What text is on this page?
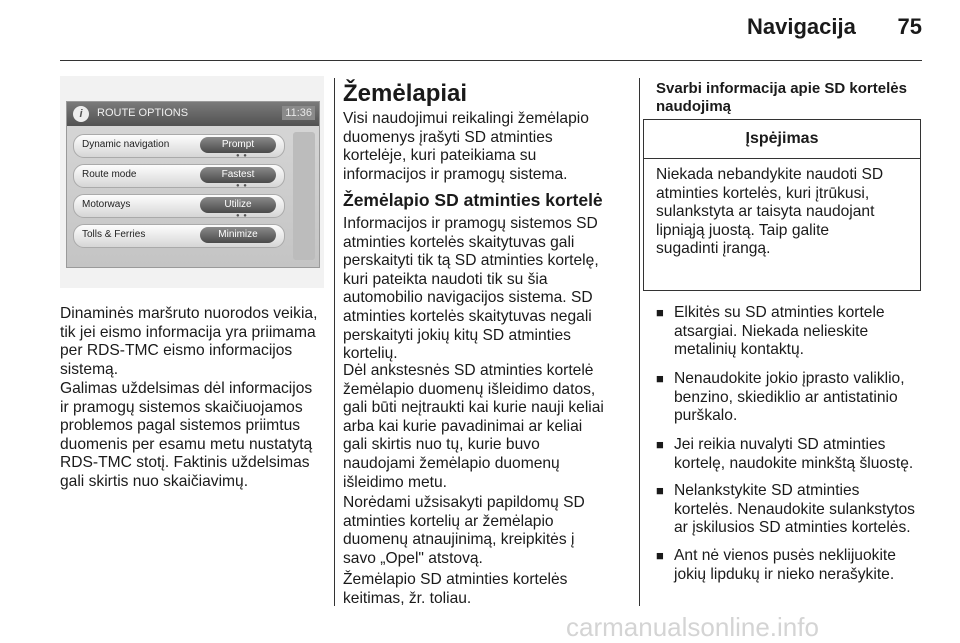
Navigacija	75
i	ROUTE OPTIONS	11:36
Dynamic navigation	Prompt
● ●
Route mode	Fastest
● ●
Motorways	Utilize
● ●
Tolls & Ferries	Minimize

Dinaminės maršruto nuorodos veikia,
tik jei eismo informacija yra priimama
per RDS-TMC eismo informacijos
sistemą.

Galimas uždelsimas dėl informacijos
ir pramogų sistemos skaičiuojamos
problemos pagal sistemos priimtus
duomenis per esamu metu nustatytą
RDS-TMC stotį. Faktinis uždelsimas
gali skirtis nuo skaičiavimų.

Žemėlapiai

Visi naudojimui reikalingi žemėlapio
duomenys įrašyti SD atminties
kortelėje, kuri pateikiama su
informacijos ir pramogų sistema.

Žemėlapio SD atminties kortelė

Informacijos ir pramogų sistemos SD
atminties kortelės skaitytuvas gali
perskaityti tik tą SD atminties kortelę,
kuri pateikta naudoti tik su šia
automobilio navigacijos sistema. SD
atminties kortelės skaitytuvas negali
perskaityti jokių kitų SD atminties
kortelių.

Dėl ankstesnės SD atminties kortelė
žemėlapio duomenų išleidimo datos,
gali būti neįtraukti kai kurie nauji keliai
arba kai kurie pavadinimai ar keliai
gali skirtis nuo tų, kurie buvo
naudojami žemėlapio duomenų
išleidimo metu.

Norėdami užsisakyti papildomų SD
atminties kortelių ar žemėlapio
duomenų atnaujinimą, kreipkitės į
savo „Opel" atstovą.

Žemėlapio SD atminties kortelės
keitimas, žr. toliau.

Svarbi informacija apie SD kortelės
naudojimą
Įspėjimas

Niekada nebandykite naudoti SD
atminties kortelės, kuri įtrūkusi,
sulankstyta ar taisyta naudojant
lipniąją juostą. Taip galite
sugadinti įrangą.

■ Elkitės su SD atminties kortele
atsargiai. Niekada nelieskite
metalinių kontaktų.
■ Nenaudokite jokio įprasto valiklio,
benzino, skiedikliо ar antistatinio
purškalo.
■ Jei reikia nuvalyti SD atminties
kortelę, naudokite minkštą šluostę.
■ Nelankstykite SD atminties
kortelės. Nenaudokite sulankstytos
ar įskilusios SD atminties kortelės.
■ Ant nė vienos pusės neklijuokite
jokių lipdukų ir nieko nerašykite.
carmanualsonline.info
